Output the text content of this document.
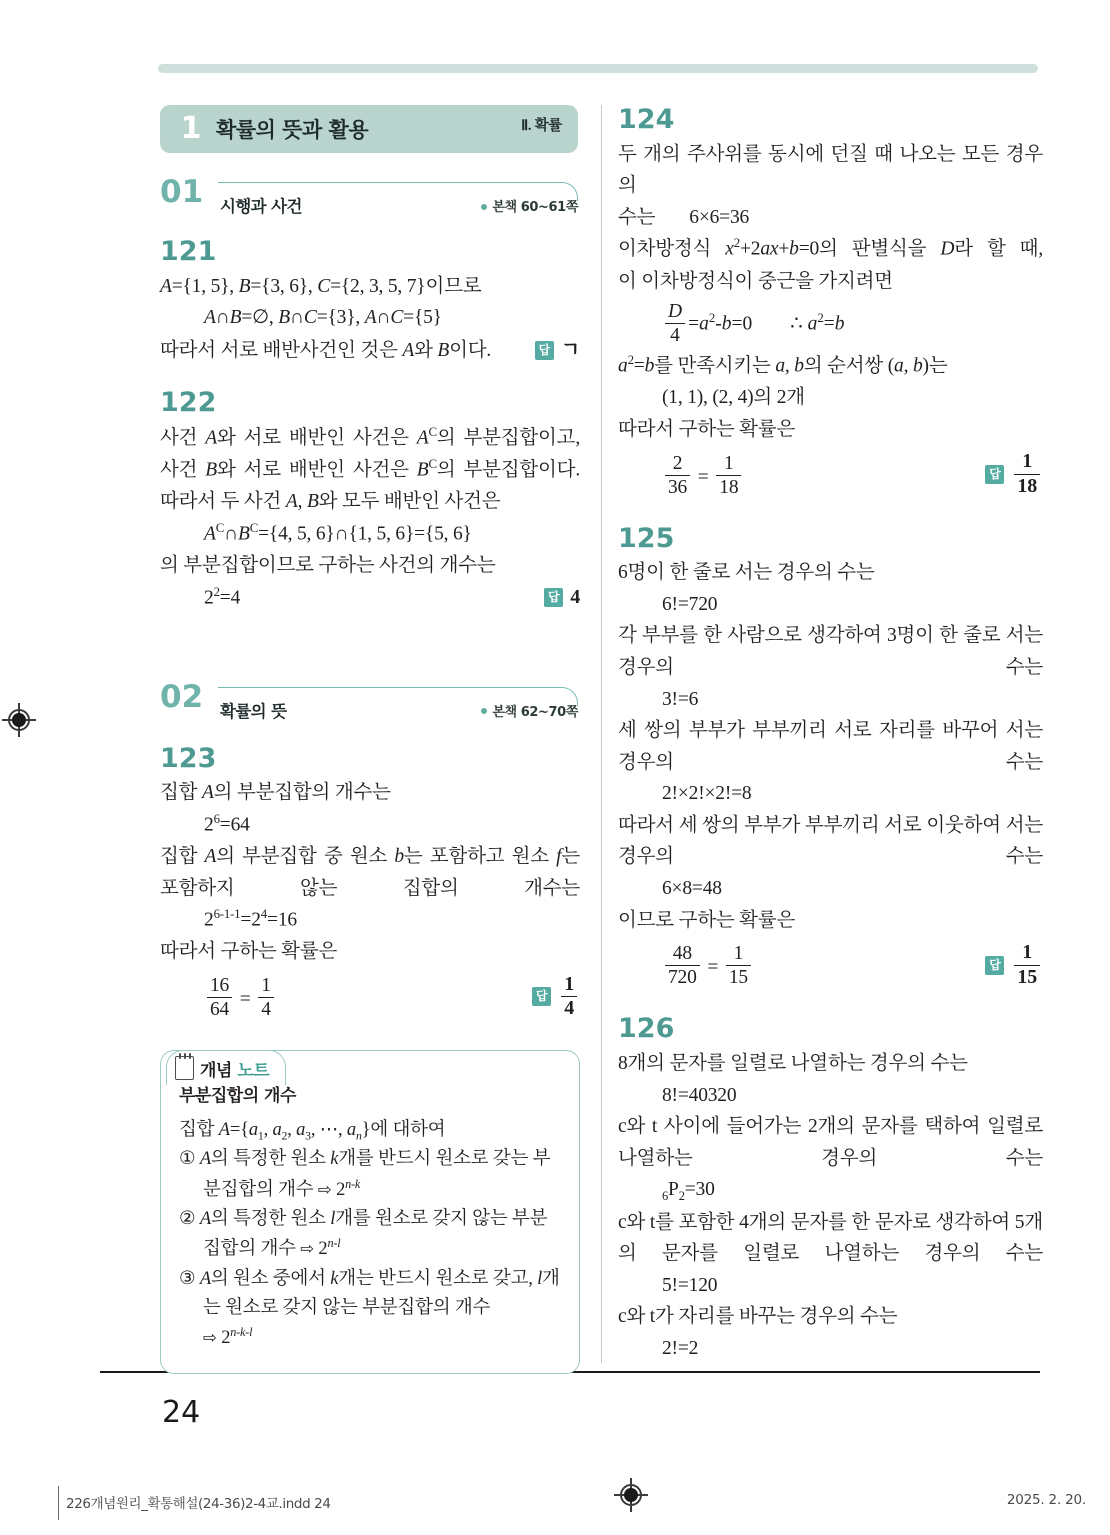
1 확률의 뜻과 활용	Ⅱ. 확률
01 시행과 사건	본책 60~61쪽
121
A={1, 5}, B={3, 6}, C={2, 3, 5, 7}이므로
A∩B=∅, B∩C={3}, A∩C={5}
따라서 서로 배반사건인 것은 A와 B이다.	답 ㄱ
122
사건 A와 서로 배반인 사건은 $A^C$의 부분집합이고, 사건 B와 서로 배반인 사건은 $B^C$의 부분집합이다.
따라서 두 사건 A, B와 모두 배반인 사건은
$A^C\cap B^C=\{4$, 5, 6}∩{1, 5, 6}={5, 6}
의 부분집합이므로 구하는 사건의 개수는
$2^2=4$	답 4
02 확률의 뜻	본책 62~70쪽
123
집합 A의 부분집합의 개수는
$2^6=64$
집합 A의 부분집합 중 원소 b는 포함하고 원소 f는 포함하지 않는 집합의 개수는
$2^{6-1-1}=2^4=16$
따라서 구하는 확률은
$\frac{16}{64} = \frac{1}{4}$	답 $\frac{1}{4}$
개념 노트
부분집합의 개수
집합 $A=\{a_1$, $a_2$, $a_3$, ⋯, $a_n$}에 대하여
① A의 특정한 원소 k개를 반드시 원소로 갖는 부분집합의 개수 ⇨ 2$^{n-k}$
② A의 특정한 원소 l개를 원소로 갖지 않는 부분집합의 개수 ⇨ 2$^{n-l}$
③ A의 원소 중에서 k개는 반드시 원소로 갖고, l개는 원소로 갖지 않는 부분집합의 개수
⇨ 2$^{n-k-l}$
124
두 개의 주사위를 동시에 던질 때 나오는 모든 경우의
수는 6×6=36
이차방정식 $x^2+2ax+b=0$의 판별식을 D라 할 때,
이 이차방정식이 중근을 가지려면
$\frac{D}{4} =a^2-b=0$ ∴ $a^2=b$
$a^2=b$를 만족시키는 a, b의 순서쌍 (a, b)는
(1, 1), (2, 4)의 2개
따라서 구하는 확률은
$\frac{2}{36} = \frac{1}{18}$	답 $\frac{1}{18}$
125
6명이 한 줄로 서는 경우의 수는
6!=720
각 부부를 한 사람으로 생각하여 3명이 한 줄로 서는 경우의 수는
3!=6
세 쌍의 부부가 부부끼리 서로 자리를 바꾸어 서는 경우의 수는
2!×2!×2!=8
따라서 세 쌍의 부부가 부부끼리 서로 이웃하여 서는 경우의 수는
6×8=48
이므로 구하는 확률은
$\frac{48}{720} = \frac{1}{15}$	답 $\frac{1}{15}$
126
8개의 문자를 일렬로 나열하는 경우의 수는
8!=40320
c와 t 사이에 들어가는 2개의 문자를 택하여 일렬로 나열하는 경우의 수는
$_6P_2=30$
c와 t를 포함한 4개의 문자를 한 문자로 생각하여 5개의 문자를 일렬로 나열하는 경우의 수는
5!=120
c와 t가 자리를 바꾸는 경우의 수는
2!=2
24
226개념원리_확통해설(24-36)2-4교.indd 24	2025. 2. 20.
